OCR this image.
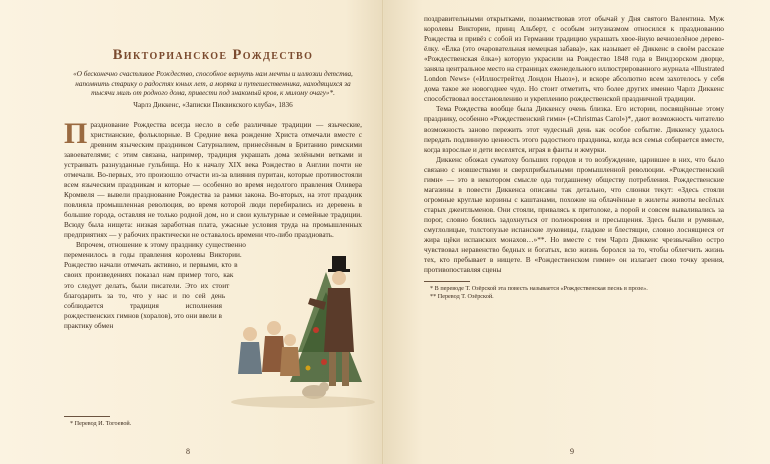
Викторианское Рождество
«О бесконечно счастливое Рождество, способное вернуть нам мечты и иллюзии детства, напомнить старику о радостях юных лет, а моряка и путешественника, находящихся за тысячи миль от родного дома, привести под знакомый кров, к милому очагу»*.
Чарлз Диккенс, «Записки Пиквикского клуба», 1836

Празднование Рождества всегда несло в себе различные традиции — языческие, христианские, фольклорные. В Средние века рождение Христа отмечали вместе с древним языческим праздником Сатурналием, принесённым в Британию римскими завоевателями; с этим связана, например, традиция украшать дома зелёными ветками и устраивать разнузданные гульбища. Но к началу XIX века Рождество в Англии почти не отмечали. Во-первых, это произошло отчасти из-за влияния пуритан, которые противостояли всем языческим праздникам и которые — особенно во время недолгого правления Оливера Кромвеля — вывели празднование Рождества за рамки закона. Во-вторых, на этот праздник повлияла промышленная революция, во время которой люди перебирались из деревень в большие города, оставляя не только родной дом, но и свои культурные и семейные традиции. Всюду была нищета: низкая заработная плата, ужасные условия труда на промышленных предприятиях — у рабочих практически не оставалось времени что-либо праздновать.

Впрочем, отношение к этому празднику существенно переменилось в годы правления королевы Виктории. Рождество начали отмечать активно, и первыми, кто в своих произведениях показал нам пример того, как это следует делать, были писатели. Это их стоит благодарить за то, что у нас и по сей день соблюдается традиция исполнения рождественских гимнов (хоралов), это они ввели в практику обмен

* Перевод И. Тогоевой.
8

поздравительными открытками, позаимствовав этот обычай у Дня святого Валентина. Муж королевы Виктории, принц Альберт, с особым энтузиазмом относился к празднованию Рождества и привёз с собой из Германии традицию украшать хвое-йную вечнозелёное дерево-ёлку. «Ёлка (это очаровательная немецкая забава)», как называет её Диккенс в своём рассказе «Рождественская ёлка») которую украсили на Рождество 1848 года в Виндзорском дворце, заняла центральное место на страницах еженедельного иллюстрированного журнала «Illustrated London News» («Иллюстрейтед Лондон Ньюз»), и вскоре абсолютно всем захотелось у себя дома такое же новогоднее чудо. Но стоит отметить, что более других именно Чарлз Диккенс способствовал восстановлению и укреплению рождественской праздничной традиции.

Тема Рождества вообще была Диккенсу очень близка. Его истории, посвящённые этому празднику, особенно «Рождественский гимн» («Christmas Carol»)*, дают возможность читателю возможность заново пережить этот чудесный день как особое событие. Диккенсу удалось передать подлинную ценность этого радостного праздника, когда вся семья собирается вместе, когда взрослые и дети веселятся, играя в фанты и жмурки.

Диккенс обожал суматоху больших городов и то возбуждение, царившее в них, что было связано с новшествами и сверхприбыльными промышленной революции. «Рождественский гимн» — это в некотором смысле ода тогдашнему обществу потребления. Рождественские магазины в повести Диккенса описаны так детально, что слюнки текут: «Здесь стояли огромные круглые корзины с каштанами, похожие на облачённые в жилеты животы весёлых старых джентльменов. Они стояли, привалясь к притолоке, а порой и совсем вываливались за порог, словно боялись задохнуться от полнокровия и пресыщения. Здесь были и румяные, смуглолицые, толстопузые испанские луковицы, гладкие и блестящие, словно лоснящиеся от жира щёки испанских монахов…»**. Но вместе с тем Чарлз Диккенс чрезвычайно остро чувствовал неравенство бедных и богатых, всю жизнь боролся за то, чтобы облегчить жизнь тех, кто пребывает в нищете. В «Рождественском гимне» он излагает свою точку зрения, противопоставляя сцены

* В переводе Т. Озёрской эта повесть называется «Рождественская песнь в прозе».
** Перевод Т. Озёрской.
9
